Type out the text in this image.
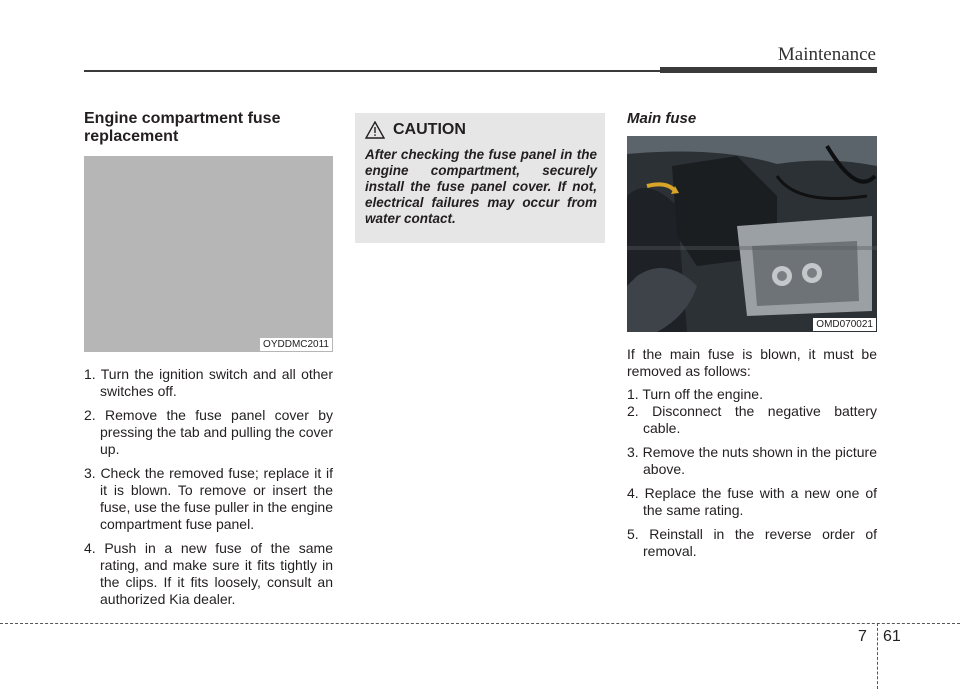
Maintenance
Engine compartment fuse replacement
OYDDMC2011
1. Turn the ignition switch and all other switches off.
2. Remove the fuse panel cover by pressing the tab and pulling the cover up.
3. Check the removed fuse; replace it if it is blown. To remove or insert the fuse, use the fuse puller in the engine compartment fuse panel.
4. Push in a new fuse of the same rating, and make sure it fits tightly in the clips. If it fits loosely, consult an authorized Kia dealer.
CAUTION
After checking the fuse panel in the engine compartment, securely install the fuse panel cover. If not, electrical failures may occur from water contact.
Main fuse
OMD070021
If the main fuse is blown, it must be removed as follows:
1. Turn off the engine.
2. Disconnect the negative battery cable.
3. Remove the nuts shown in the picture above.
4. Replace the fuse with a new one of the same rating.
5. Reinstall in the reverse order of removal.
7 61
